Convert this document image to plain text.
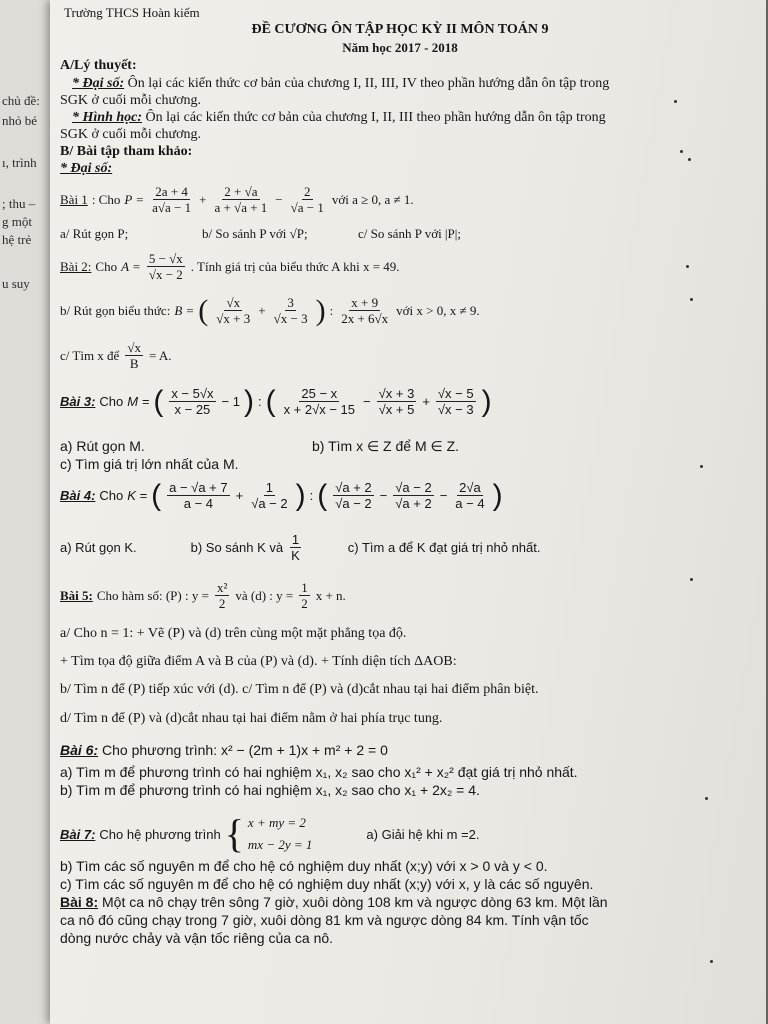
chủ đề:
nhỏ bé
ı, trình
; thu –
g một
hệ trẻ
u suy
Trường THCS Hoàn kiếm
ĐỀ CƯƠNG ÔN TẬP HỌC KỲ II MÔN TOÁN 9
Năm học 2017 - 2018
A/Lý thuyết:
* Đại số: Ôn lại các kiến thức cơ bản của chương I, II, III, IV theo phần hướng dẫn ôn tập trong
SGK ở cuối mỗi chương.
* Hình học: Ôn lại các kiến thức cơ bản của chương I, II, III theo phần hướng dẫn ôn tập trong
SGK ở cuối mỗi chương.
B/ Bài tập tham khảo:
* Đại số:
Bài 1 : Cho $P = \frac{2a + 4}{a√a - 1} + \frac{2 + √a}{a + √a + 1} - \frac{2}{√a - 1}$ với a ≥ 0, a ≠ 1.
a/ Rút gọn P;	b/ So sánh P với √P;	c/ So sánh P với |P|;
Bài 2: Cho $A = \frac{5 - √x}{√x - 2}$ . Tính giá trị của biểu thức A khi x = 49.
b/ Rút gọn biểu thức: B = ( $\frac{√x}{√x + 3} + \frac{3}{√x - 3}$ ) : $\frac{x + 9}{2x + 6√x}$ với x > 0, x ≠ 9.
c/ Tìm x để $\frac{√x}{B} = A$.
Bài 3: Cho M = ( $\frac{x - 5√x}{x - 25} - 1$ ) : ( $\frac{25 - x}{x + 2√x - 15} - \frac{√x + 3}{√x + 5} + \frac{√x - 5}{√x - 3}$ )
a) Rút gọn M.	b) Tìm x ∈ Z để M ∈ Z.
c) Tìm giá trị lớn nhất của M.
Bài 4: Cho K = ( $\frac{a - √a + 7}{a - 4} + \frac{1}{√a - 2}$ ) : ( $\frac{√a + 2}{√a - 2} - \frac{√a - 2}{√a + 2} - \frac{2√a}{a - 4}$ )
a) Rút gọn K.	b) So sánh K và $\frac{1}{K}$	c) Tìm a để K đạt giá trị nhỏ nhất.
Bài 5: Cho hàm số: (P) : $y = \frac{\text{x²}}{2}$ và (d) : $y = \frac{1}{2}$ x + n.
a/ Cho n = 1: + Vẽ (P) và (d) trên cùng một mặt phẳng tọa độ.
+ Tìm tọa độ giữa điểm A và B của (P) và (d). + Tính diện tích ΔAOB:
b/ Tìm n để (P) tiếp xúc với (d). c/ Tìm n để (P) và (d)cắt nhau tại hai điểm phân biệt.
d/ Tìm n để (P) và (d)cắt nhau tại hai điểm nằm ở hai phía trục tung.
Bài 6: Cho phương trình: x² − (2m + 1)x + m² + 2 = 0
a) Tìm m để phương trình có hai nghiệm x₁, x₂ sao cho x₁² + x₂² đạt giá trị nhỏ nhất.
b) Tìm m để phương trình có hai nghiệm x₁, x₂ sao cho x₁ + 2x₂ = 4.
Bài 7: Cho hệ phương trình { x + my = 2
mx − 2y = 1
a) Giải hệ khi m =2.
b) Tìm các số nguyên m để cho hệ có nghiệm duy nhất (x;y) với x > 0 và y < 0.
c) Tìm các số nguyên m để cho hệ có nghiệm duy nhất (x;y) với x, y là các số nguyên.
Bài 8: Một ca nô chạy trên sông 7 giờ, xuôi dòng 108 km và ngược dòng 63 km. Một lần
ca nô đó cũng chạy trong 7 giờ, xuôi dòng 81 km và ngược dòng 84 km. Tính vận tốc
dòng nước chảy và vận tốc riêng của ca nô.
